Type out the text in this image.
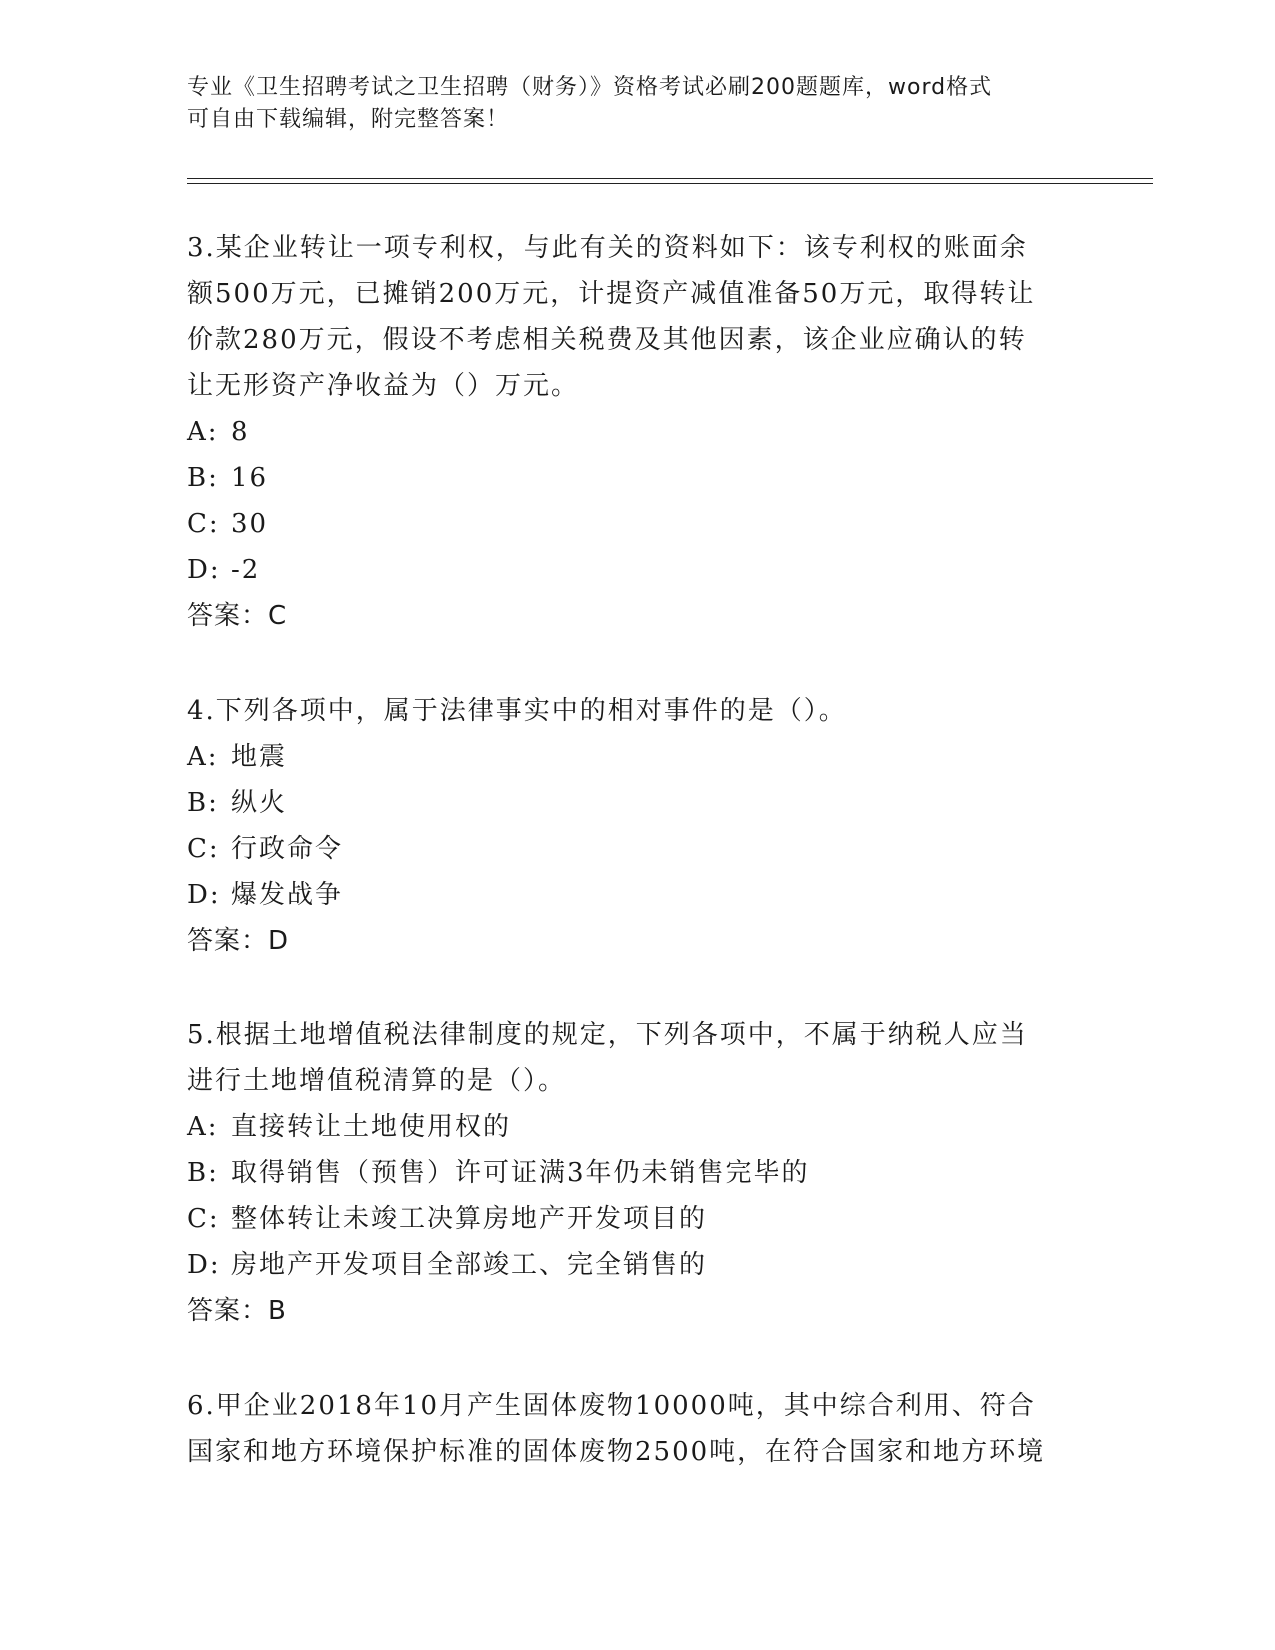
专业《卫生招聘考试之卫生招聘（财务）》资格考试必刷200题题库，word格式
可自由下载编辑，附完整答案！
3.某企业转让一项专利权，与此有关的资料如下：该专利权的账面余
额500万元，已摊销200万元，计提资产减值准备50万元，取得转让
价款280万元，假设不考虑相关税费及其他因素，该企业应确认的转
让无形资产净收益为（）万元。
A: 8
B: 16
C: 30
D: -2
答案：C
4.下列各项中，属于法律事实中的相对事件的是（）。
A: 地震
B: 纵火
C: 行政命令
D: 爆发战争
答案：D
5.根据土地增值税法律制度的规定，下列各项中，不属于纳税人应当
进行土地增值税清算的是（）。
A: 直接转让土地使用权的
B: 取得销售（预售）许可证满3年仍未销售完毕的
C: 整体转让未竣工决算房地产开发项目的
D: 房地产开发项目全部竣工、完全销售的
答案：B
6.甲企业2018年10月产生固体废物10000吨，其中综合利用、符合
国家和地方环境保护标准的固体废物2500吨，在符合国家和地方环境
